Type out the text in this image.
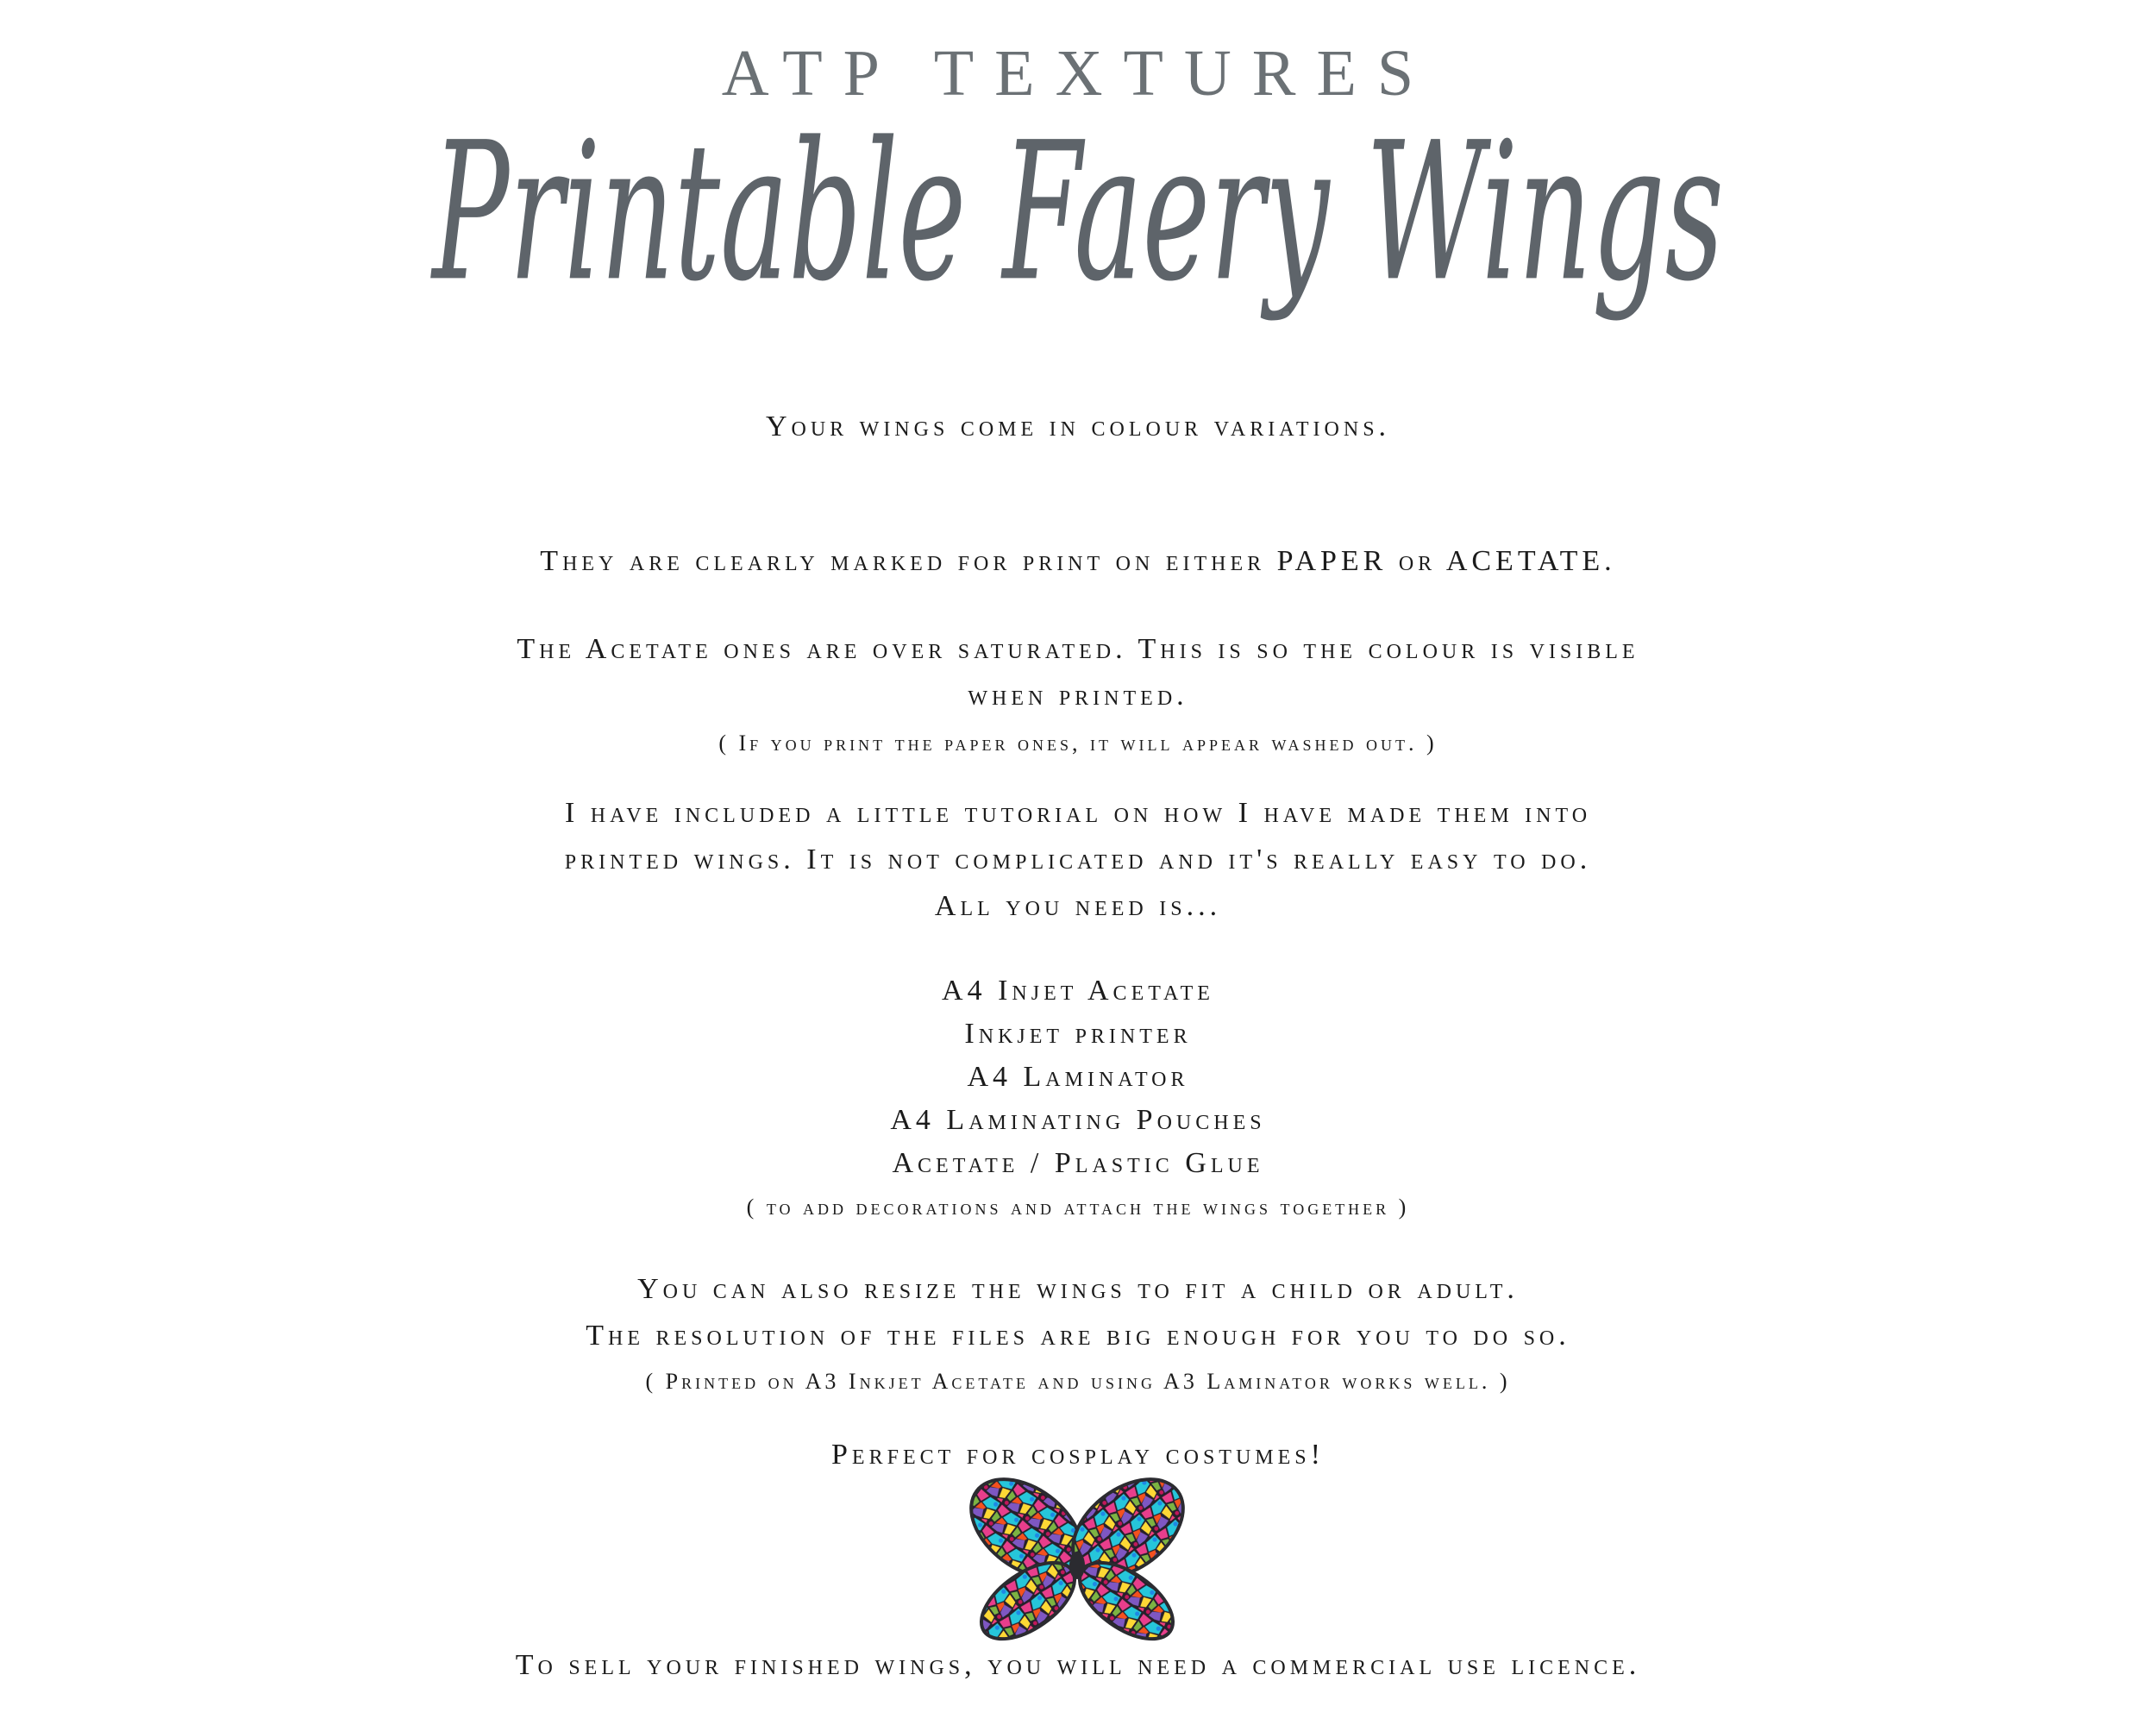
ATP TEXTURES
Printable Faery Wings
Your wings come in colour variations.
They are clearly marked for print on either PAPER or ACETATE.
The Acetate ones are over saturated. This is so the colour is visible
when printed.
( If you print the paper ones, it will appear washed out. )
I have included a little tutorial on how I have made them into
printed wings. It is not complicated and it's really easy to do.
All you need is...
A4 Injet Acetate
Inkjet printer
A4 Laminator
A4 Laminating Pouches
Acetate / Plastic Glue
( to add decorations and attach the wings together )
You can also resize the wings to fit a child or adult.
The resolution of the files are big enough for you to do so.
( Printed on A3 Inkjet Acetate and using A3 Laminator works well. )
Perfect for cosplay costumes!
To sell your finished wings, you will need a commercial use licence.
